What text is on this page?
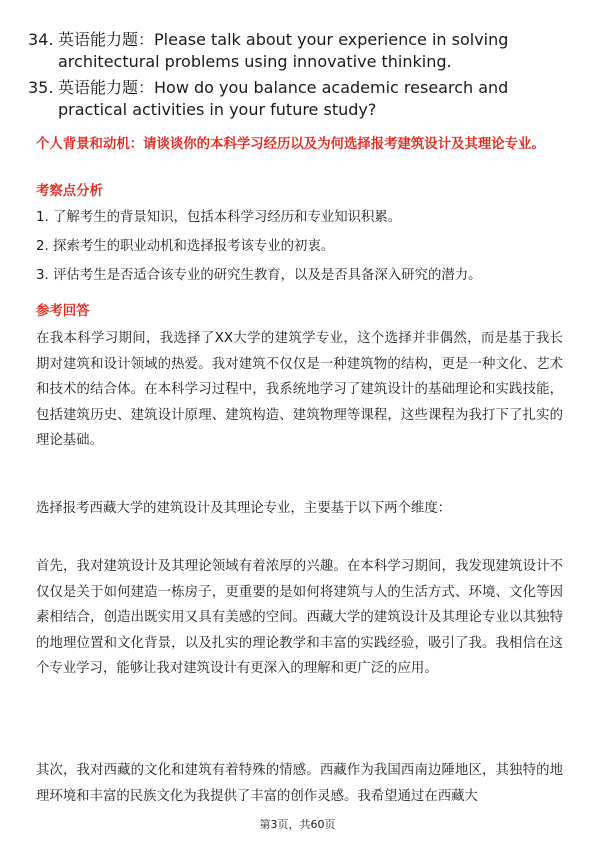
34. 英语能力题：Please talk about your experience in solving architectural problems using innovative thinking.
35. 英语能力题：How do you balance academic research and practical activities in your future study?
个人背景和动机：请谈谈你的本科学习经历以及为何选择报考建筑设计及其理论专业。
考察点分析
1. 了解考生的背景知识，包括本科学习经历和专业知识积累。
2. 探索考生的职业动机和选择报考该专业的初衷。
3. 评估考生是否适合该专业的研究生教育，以及是否具备深入研究的潜力。
参考回答
在我本科学习期间，我选择了XX大学的建筑学专业，这个选择并非偶然，而是基于我长期对建筑和设计领域的热爱。我对建筑不仅仅是一种建筑物的结构，更是一种文化、艺术和技术的结合体。在本科学习过程中，我系统地学习了建筑设计的基础理论和实践技能，包括建筑历史、建筑设计原理、建筑构造、建筑物理等课程，这些课程为我打下了扎实的理论基础。
选择报考西藏大学的建筑设计及其理论专业，主要基于以下两个维度：
首先，我对建筑设计及其理论领域有着浓厚的兴趣。在本科学习期间，我发现建筑设计不仅仅是关于如何建造一栋房子，更重要的是如何将建筑与人的生活方式、环境、文化等因素相结合，创造出既实用又具有美感的空间。西藏大学的建筑设计及其理论专业以其独特的地理位置和文化背景，以及扎实的理论教学和丰富的实践经验，吸引了我。我相信在这个专业学习，能够让我对建筑设计有更深入的理解和更广泛的应用。
其次，我对西藏的文化和建筑有着特殊的情感。西藏作为我国西南边陲地区，其独特的地理环境和丰富的民族文化为我提供了丰富的创作灵感。我希望通过在西藏大
第3页，共60页
